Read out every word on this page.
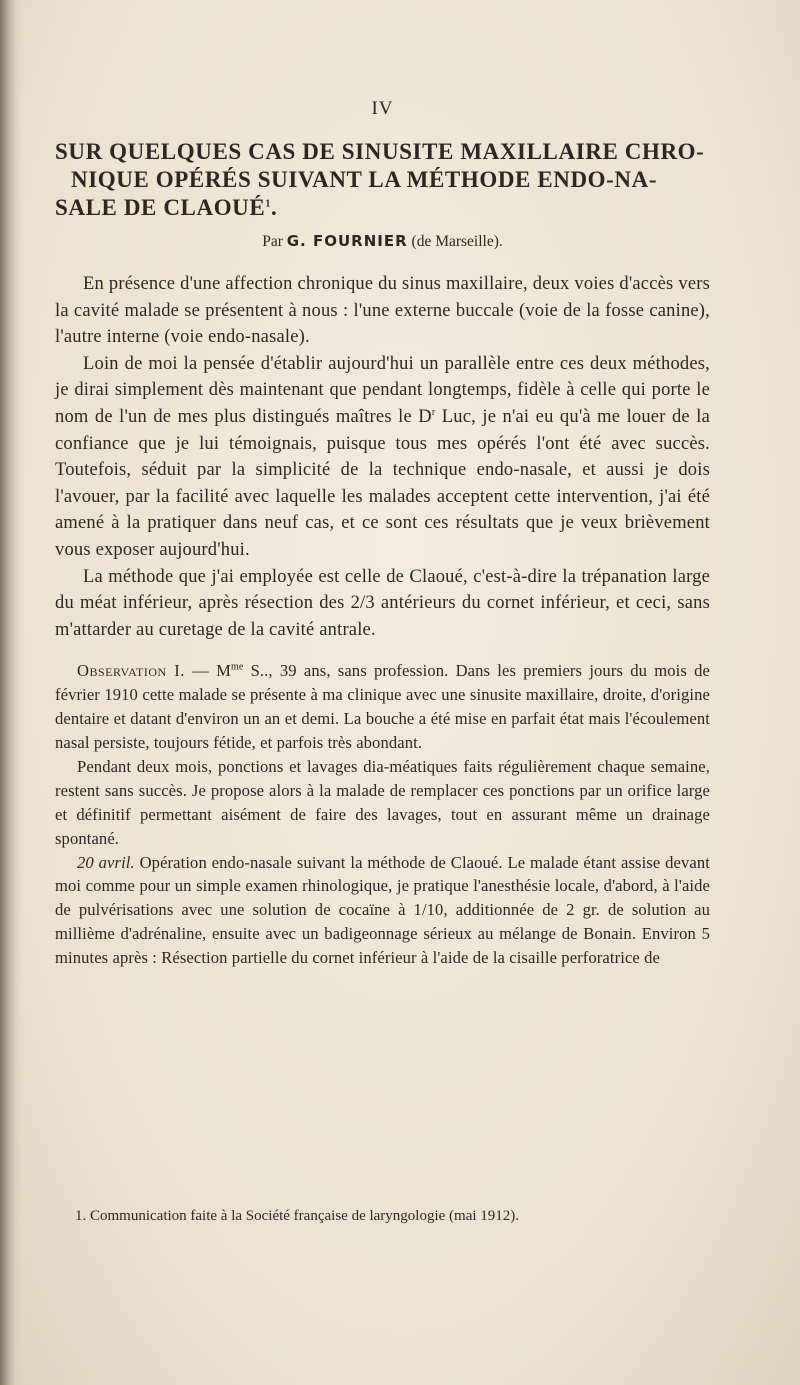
IV
SUR QUELQUES CAS DE SINUSITE MAXILLAIRE CHRO-
NIQUE OPÉRÉS SUIVANT LA MÉTHODE ENDO-NA-
SALE DE CLAOUÉ$^1$.
Par G. FOURNIER (de Marseille).

En présence d'une affection chronique du sinus maxillaire, deux voies d'accès vers la cavité malade se présentent à nous : l'une externe buccale (voie de la fosse canine), l'autre interne (voie endo-nasale).

Loin de moi la pensée d'établir aujourd'hui un parallèle entre ces deux méthodes, je dirai simplement dès maintenant que pendant longtemps, fidèle à celle qui porte le nom de l'un de mes plus distingués maîtres le $D^r$ Luc, je n'ai eu qu'à me louer de la confiance que je lui témoignais, puisque tous mes opérés l'ont été avec succès. Toutefois, séduit par la simplicité de la technique endo-nasale, et aussi je dois l'avouer, par la facilité avec laquelle les malades acceptent cette intervention, j'ai été amené à la pratiquer dans neuf cas, et ce sont ces résultats que je veux brièvement vous exposer aujourd'hui.

La méthode que j'ai employée est celle de Claoué, c'est-à-dire la trépanation large du méat inférieur, après résection des 2/3 antérieurs du cornet inférieur, et ceci, sans m'attarder au curetage de la cavité antrale.

Observation I. — $M^{me}$ S.., 39 ans, sans profession. Dans les premiers jours du mois de février 1910 cette malade se présente à ma clinique avec une sinusite maxillaire, droite, d'origine dentaire et datant d'environ un an et demi. La bouche a été mise en parfait état mais l'écoulement nasal persiste, toujours fétide, et parfois très abondant.

Pendant deux mois, ponctions et lavages dia-méatiques faits régulièrement chaque semaine, restent sans succès. Je propose alors à la malade de remplacer ces ponctions par un orifice large et définitif permettant aisément de faire des lavages, tout en assurant même un drainage spontané.

20 avril. Opération endo-nasale suivant la méthode de Claoué. Le malade étant assise devant moi comme pour un simple examen rhinologique, je pratique l'anesthésie locale, d'abord, à l'aide de pulvérisations avec une solution de cocaïne à 1/10, additionnée de 2 gr. de solution au millième d'adrénaline, ensuite avec un badigeonnage sérieux au mélange de Bonain. Environ 5 minutes après : Résection partielle du cornet inférieur à l'aide de la cisaille perforatrice de

1. Communication faite à la Société française de laryngologie (mai 1912).
